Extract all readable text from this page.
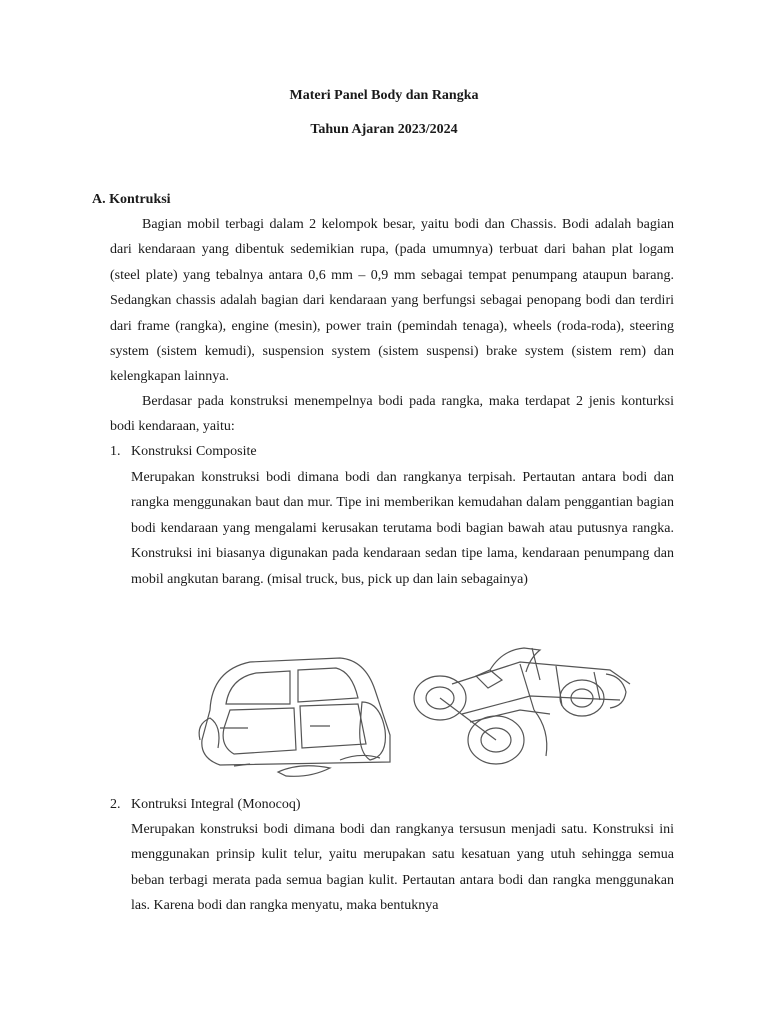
Materi Panel Body dan Rangka
Tahun Ajaran 2023/2024
A. Kontruksi

Bagian mobil terbagi dalam 2 kelompok besar, yaitu bodi dan Chassis. Bodi adalah bagian dari kendaraan yang dibentuk sedemikian rupa, (pada umumnya) terbuat dari bahan plat logam (steel plate) yang tebalnya antara 0,6 mm – 0,9 mm sebagai tempat penumpang ataupun barang. Sedangkan chassis adalah bagian dari kendaraan yang berfungsi sebagai penopang bodi dan terdiri dari frame (rangka), engine (mesin), power train (pemindah tenaga), wheels (roda-roda), steering system (sistem kemudi), suspension system (sistem suspensi) brake system (sistem rem) dan kelengkapan lainnya.

Berdasar pada konstruksi menempelnya bodi pada rangka, maka terdapat 2 jenis konturksi bodi kendaraan, yaitu:

1. Konstruksi Composite

Merupakan konstruksi bodi dimana bodi dan rangkanya terpisah. Pertautan antara bodi dan rangka menggunakan baut dan mur. Tipe ini memberikan kemudahan dalam penggantian bagian bodi kendaraan yang mengalami kerusakan terutama bodi bagian bawah atau putusnya rangka. Konstruksi ini biasanya digunakan pada kendaraan sedan tipe lama, kendaraan penumpang dan mobil angkutan barang. (misal truck, bus, pick up dan lain sebagainya)

2. Kontruksi Integral (Monocoq)

Merupakan konstruksi bodi dimana bodi dan rangkanya tersusun menjadi satu. Konstruksi ini menggunakan prinsip kulit telur, yaitu merupakan satu kesatuan yang utuh sehingga semua beban terbagi merata pada semua bagian kulit. Pertautan antara bodi dan rangka menggunakan las. Karena bodi dan rangka menyatu, maka bentuknya
